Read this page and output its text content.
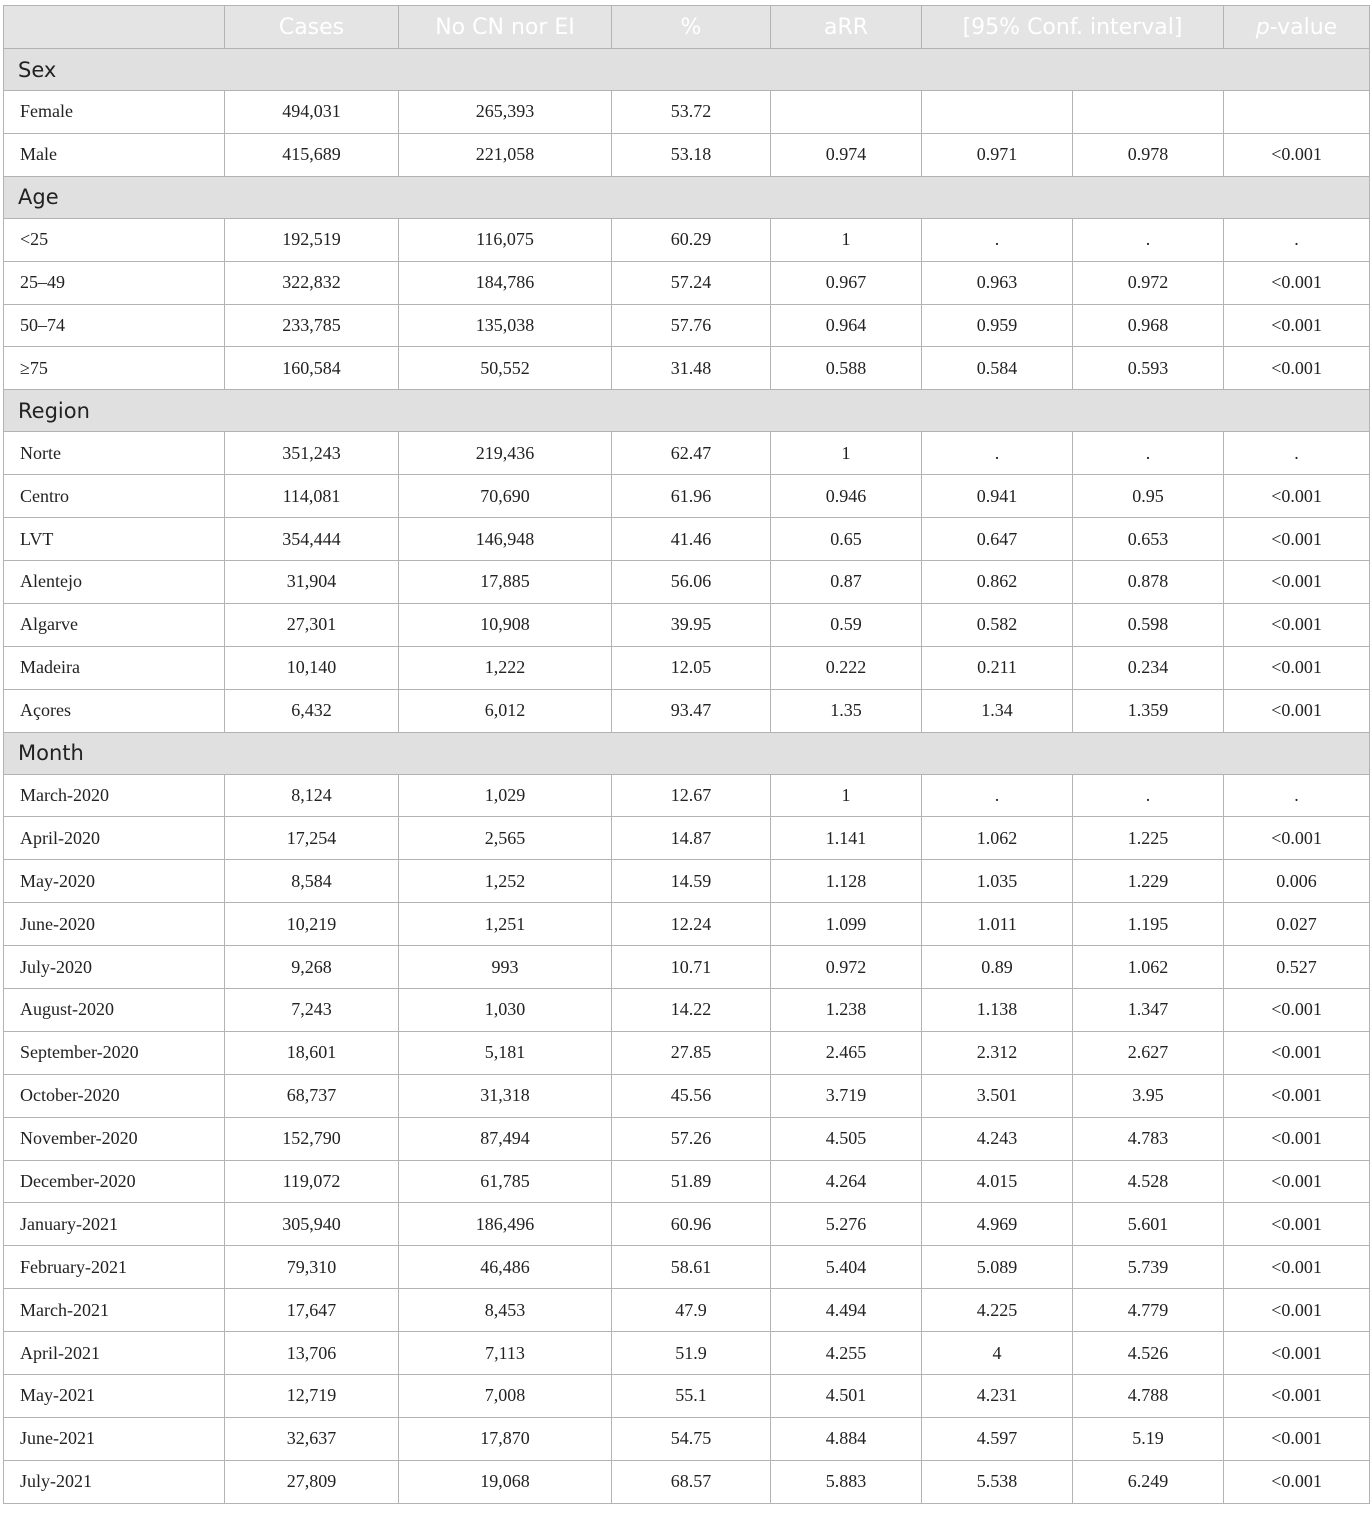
	Cases	No CN nor EI	%	aRR	[95% Conf. interval]		p-value
Sex							
Female	494,031	265,393	53.72				
Male	415,689	221,058	53.18	0.974	0.971	0.978	<0.001
Age							
<25	192,519	116,075	60.29	1	.	.	.
25–49	322,832	184,786	57.24	0.967	0.963	0.972	<0.001
50–74	233,785	135,038	57.76	0.964	0.959	0.968	<0.001
≥75	160,584	50,552	31.48	0.588	0.584	0.593	<0.001
Region							
Norte	351,243	219,436	62.47	1	.	.	.
Centro	114,081	70,690	61.96	0.946	0.941	0.95	<0.001
LVT	354,444	146,948	41.46	0.65	0.647	0.653	<0.001
Alentejo	31,904	17,885	56.06	0.87	0.862	0.878	<0.001
Algarve	27,301	10,908	39.95	0.59	0.582	0.598	<0.001
Madeira	10,140	1,222	12.05	0.222	0.211	0.234	<0.001
Açores	6,432	6,012	93.47	1.35	1.34	1.359	<0.001
Month							
March-2020	8,124	1,029	12.67	1	.	.	.
April-2020	17,254	2,565	14.87	1.141	1.062	1.225	<0.001
May-2020	8,584	1,252	14.59	1.128	1.035	1.229	0.006
June-2020	10,219	1,251	12.24	1.099	1.011	1.195	0.027
July-2020	9,268	993	10.71	0.972	0.89	1.062	0.527
August-2020	7,243	1,030	14.22	1.238	1.138	1.347	<0.001
September-2020	18,601	5,181	27.85	2.465	2.312	2.627	<0.001
October-2020	68,737	31,318	45.56	3.719	3.501	3.95	<0.001
November-2020	152,790	87,494	57.26	4.505	4.243	4.783	<0.001
December-2020	119,072	61,785	51.89	4.264	4.015	4.528	<0.001
January-2021	305,940	186,496	60.96	5.276	4.969	5.601	<0.001
February-2021	79,310	46,486	58.61	5.404	5.089	5.739	<0.001
March-2021	17,647	8,453	47.9	4.494	4.225	4.779	<0.001
April-2021	13,706	7,113	51.9	4.255	4	4.526	<0.001
May-2021	12,719	7,008	55.1	4.501	4.231	4.788	<0.001
June-2021	32,637	17,870	54.75	4.884	4.597	5.19	<0.001
July-2021	27,809	19,068	68.57	5.883	5.538	6.249	<0.001
